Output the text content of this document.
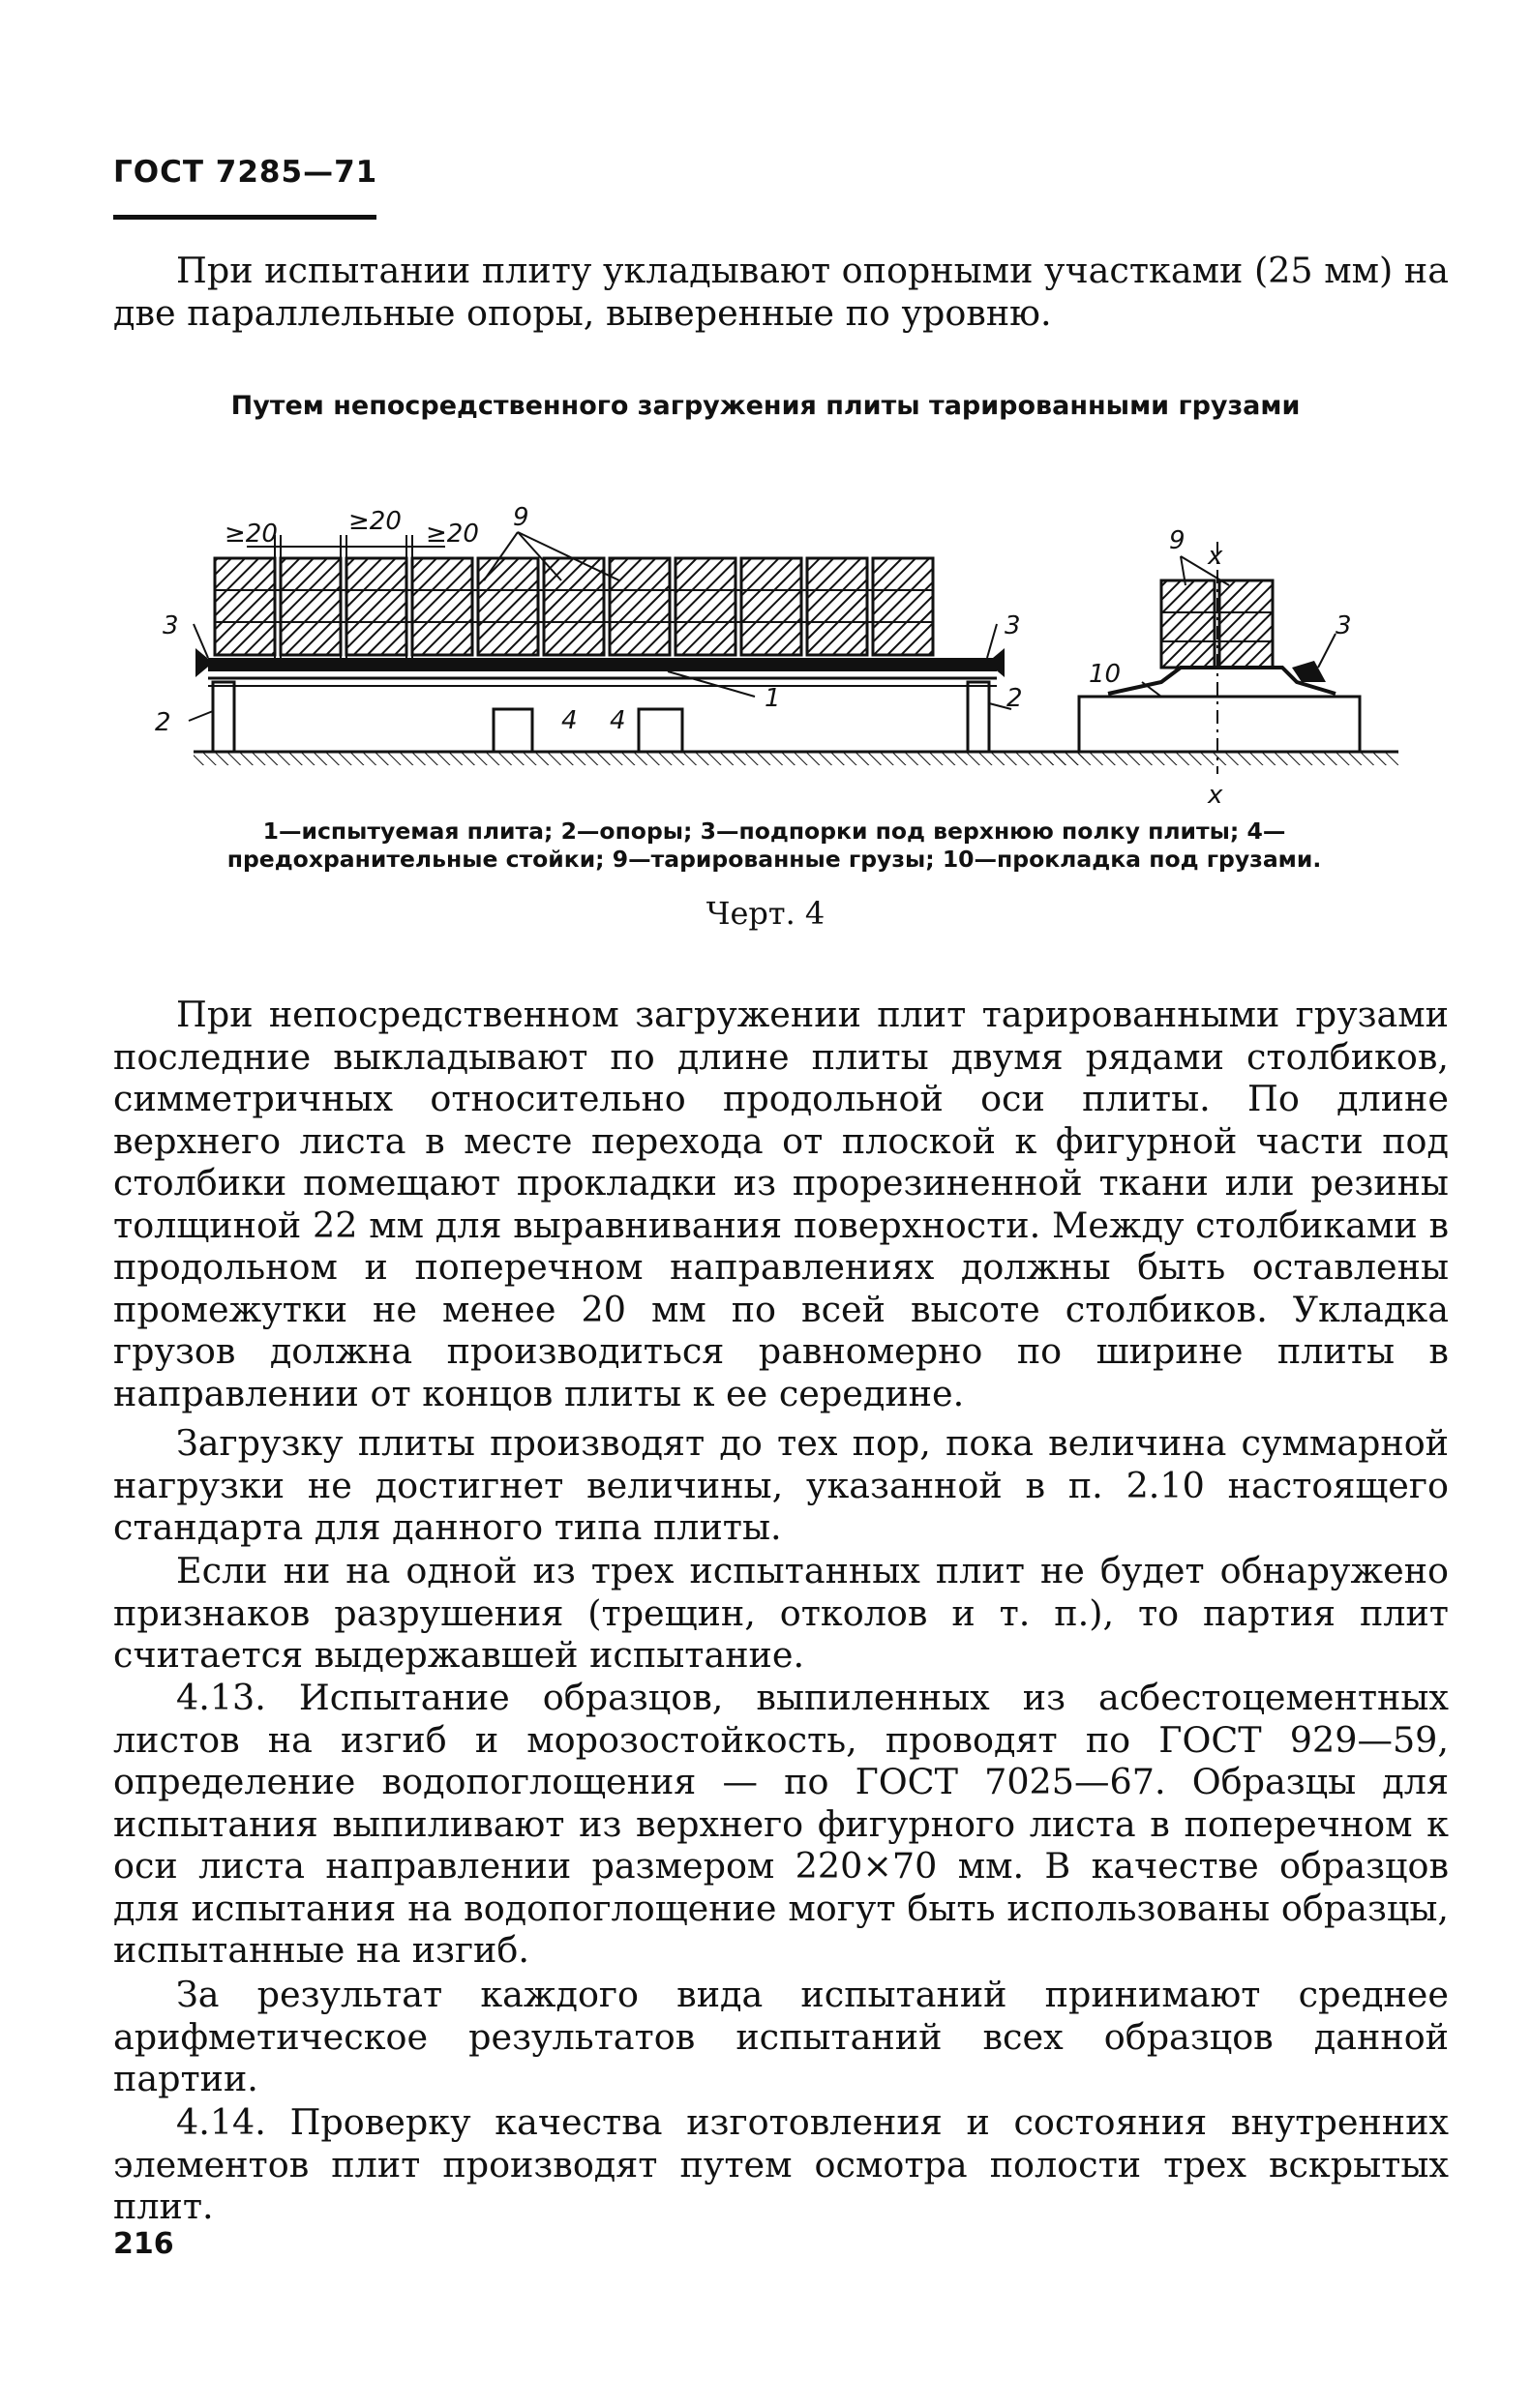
ГОСТ 7285—71
При испытании плиту укладывают опорными участками (25 мм) на две параллельные опоры, выверенные по уровню.
Путем непосредственного загружения плиты тарированными грузами
≥20	≥20 ≥20
9
3	3
2
2
4 4
1
9
x
10
3
x
1—испытуемая плита; 2—опоры; 3—подпорки под верхнюю полку плиты; 4—предохранительные стойки; 9—тарированные грузы; 10—прокладка под грузами.
Черт. 4
При непосредственном загружении плит тарированными грузами последние выкладывают по длине плиты двумя рядами столбиков, симметричных относительно продольной оси плиты. По длине верхнего листа в месте перехода от плоской к фигурной части под столбики помещают прокладки из прорезиненной ткани или резины толщиной 22 мм для выравнивания поверхности. Между столбиками в продольном и поперечном направлениях должны быть оставлены промежутки не менее 20 мм по всей высоте столбиков. Укладка грузов должна производиться равномерно по ширине плиты в направлении от концов плиты к ее середине.
Загрузку плиты производят до тех пор, пока величина суммарной нагрузки не достигнет величины, указанной в п. 2.10 настоящего стандарта для данного типа плиты.
Если ни на одной из трех испытанных плит не будет обнаружено признаков разрушения (трещин, отколов и т. п.), то партия плит считается выдержавшей испытание.
4.13. Испытание образцов, выпиленных из асбестоцементных листов на изгиб и морозостойкость, проводят по ГОСТ 929—59, определение водопоглощения — по ГОСТ 7025—67. Образцы для испытания выпиливают из верхнего фигурного листа в поперечном к оси листа направлении размером 220×70 мм. В качестве образцов для испытания на водопоглощение могут быть использованы образцы, испытанные на изгиб.
За результат каждого вида испытаний принимают среднее арифметическое результатов испытаний всех образцов данной партии.
4.14. Проверку качества изготовления и состояния внутренних элементов плит производят путем осмотра полости трех вскрытых плит.
216
